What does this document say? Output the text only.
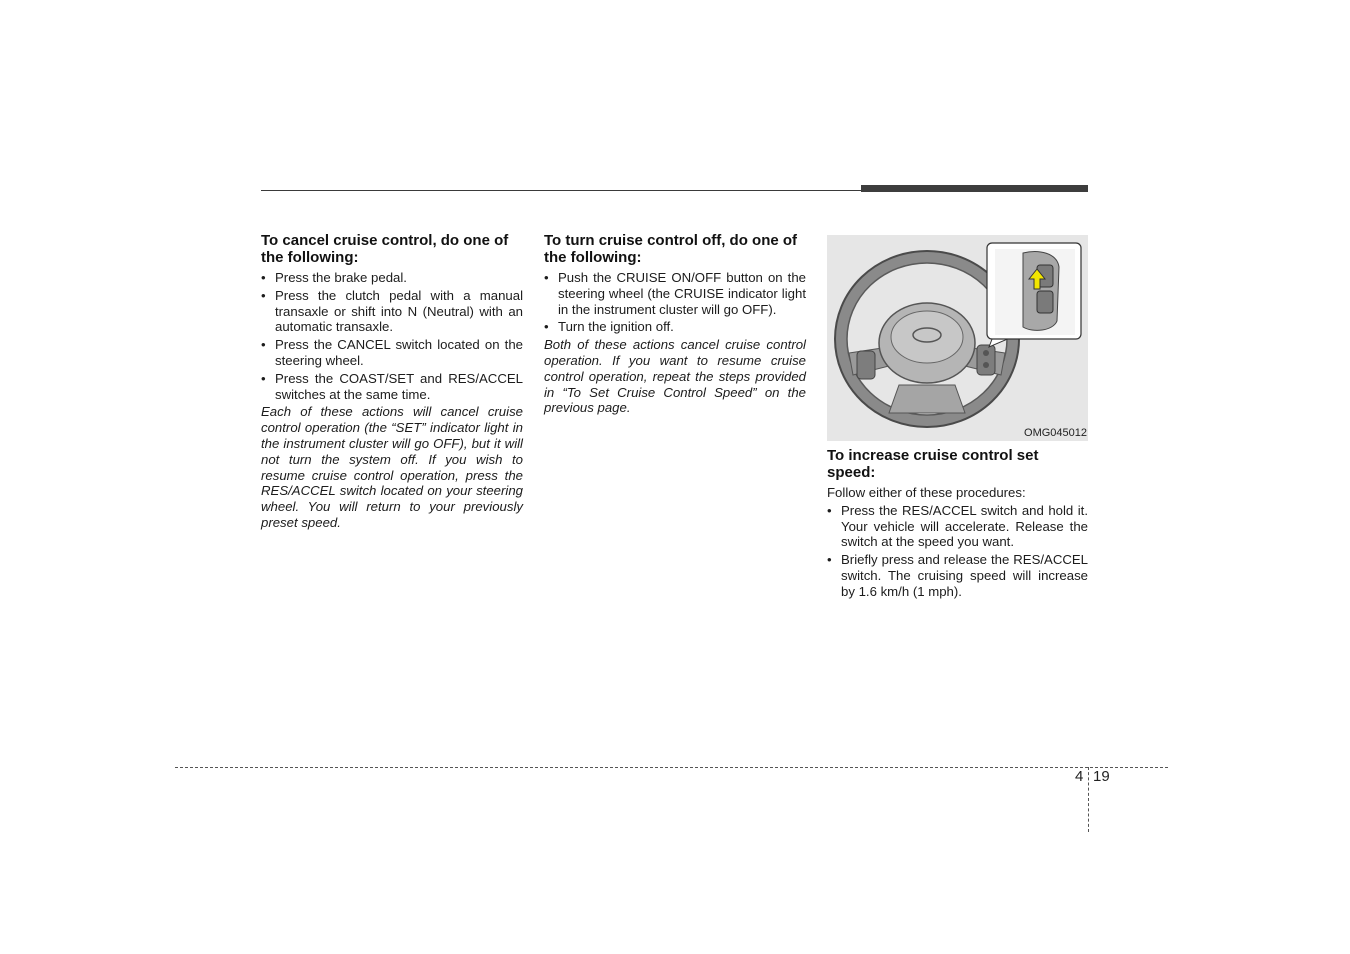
To cancel cruise control, do one of the following:
• Press the brake pedal.
• Press the clutch pedal with a manual transaxle or shift into N (Neutral) with an automatic transaxle.
• Press the CANCEL switch located on the steering wheel.
• Press the COAST/SET and RES/ACCEL switches at the same time.

Each of these actions will cancel cruise control operation (the “SET” indicator light in the instrument cluster will go OFF), but it will not turn the system off. If you wish to resume cruise control operation, press the RES/ACCEL switch located on your steering wheel. You will return to your previously preset speed.

To turn cruise control off, do one of the following:
• Push the CRUISE ON/OFF button on the steering wheel (the CRUISE indicator light in the instrument cluster will go OFF).
• Turn the ignition off.

Both of these actions cancel cruise control operation. If you want to resume cruise control operation, repeat the steps provided in “To Set Cruise Control Speed” on the previous page.

OMG045012
To increase cruise control set speed:

Follow either of these procedures:

• Press the RES/ACCEL switch and hold it. Your vehicle will accelerate. Release the switch at the speed you want.
• Briefly press and release the RES/ACCEL switch. The cruising speed will increase by 1.6 km/h (1 mph).
4 19
